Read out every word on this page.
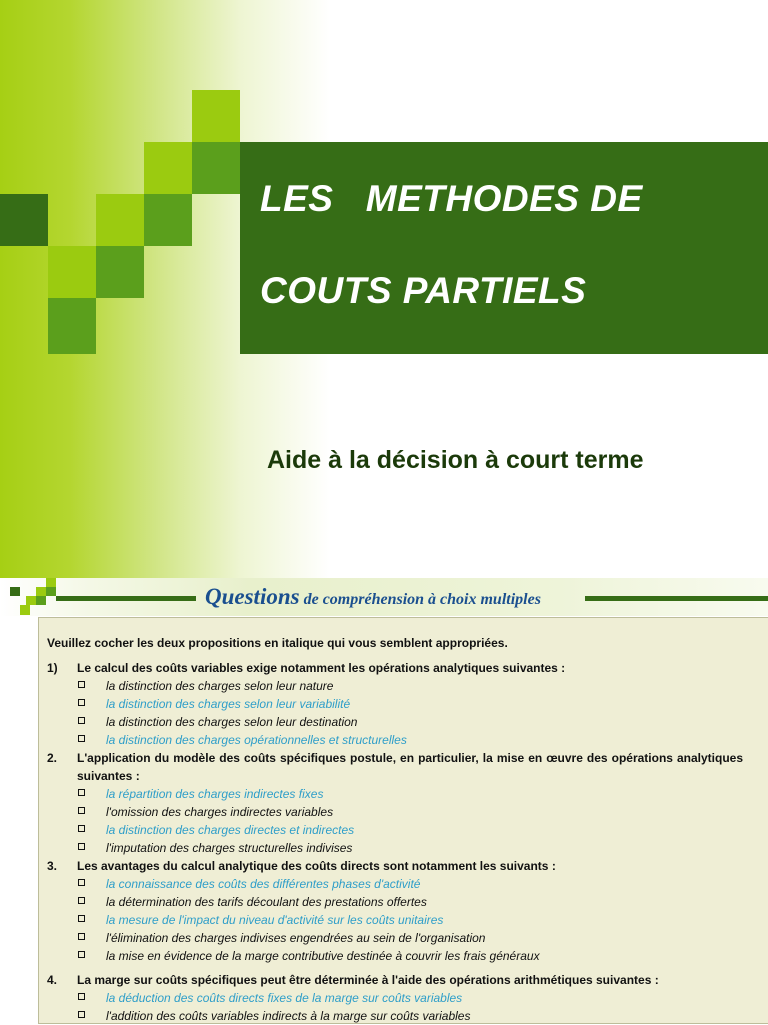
LES   METHODES DE
COUTS PARTIELS
Aide à la décision à court terme
Questions de compréhension à choix multiples
Veuillez cocher les deux propositions en italique qui vous semblent appropriées.
1) Le calcul des coûts variables exige notamment les opérations analytiques suivantes :
la distinction des charges selon leur nature
la distinction des charges selon leur variabilité
la distinction des charges selon leur destination
la distinction des charges opérationnelles et structurelles
2. L'application du modèle des coûts spécifiques postule, en particulier, la mise en œuvre des opérations analytiques suivantes :
la répartition des charges indirectes fixes
l'omission des charges indirectes variables
la distinction des charges directes et indirectes
l'imputation des charges structurelles indivises
3. Les avantages du calcul analytique des coûts directs sont notamment les suivants :
la connaissance des coûts des différentes phases d'activité
la détermination des tarifs découlant des prestations offertes
la mesure de l'impact du niveau d'activité sur les coûts unitaires
l'élimination des charges indivises engendrées au sein de l'organisation
la mise en évidence de la marge contributive destinée à couvrir les frais généraux
4. La marge sur coûts spécifiques peut être déterminée à l'aide des opérations arithmétiques suivantes :
la déduction des coûts directs fixes de la marge sur coûts variables
l'addition des coûts variables indirects à la marge sur coûts variables
